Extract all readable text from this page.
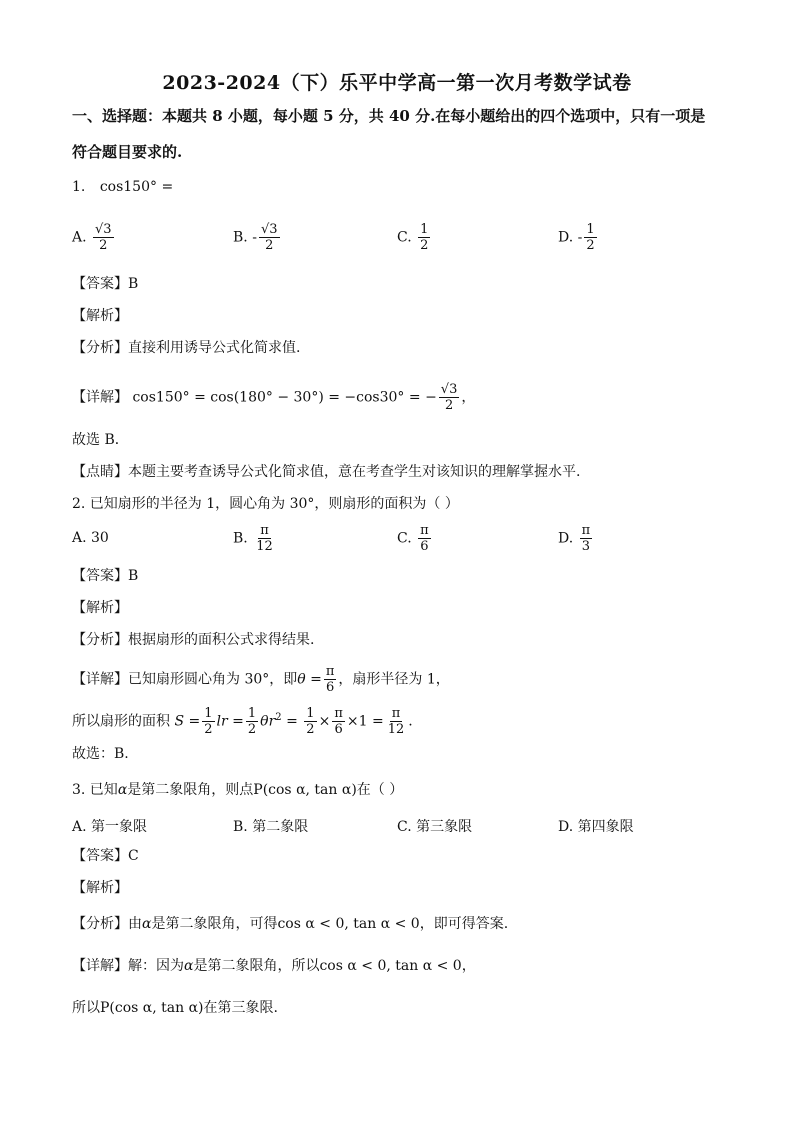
2023-2024（下）乐平中学高一第一次月考数学试卷
一、选择题：本题共 8 小题，每小题 5 分，共 40 分.在每小题给出的四个选项中，只有一项是
符合题目要求的.
1. cos150° =
A. $\frac{√3}{2}$	B. - $\frac{√3}{2}$	C. $\frac{1}{2}$	D. - $\frac{1}{2}$
【答案】B
【解析】
【分析】直接利用诱导公式化简求值.
【详解】 cos150° = cos(180° − 30°) = −cos30° = − $\frac{√3}{2}$ ，
故选 B．
【点睛】本题主要考查诱导公式化简求值，意在考查学生对该知识的理解掌握水平.
2. 已知扇形的半径为 1，圆心角为 30°，则扇形的面积为（ ）
A. 30	B. $\frac{\pi}{12}$	C. $\frac{\pi}{6}$	D. $\frac{\pi}{3}$
【答案】B
【解析】
【分析】根据扇形的面积公式求得结果.
【详解】已知扇形圆心角为 30°，即$\theta = \frac{\pi}{6}$ ，扇形半径为 1，
所以扇形的面积 $S = \frac{1}{2}$ lr = $\frac{1}{2} \theta r^2 = \frac{1}{2} \times \frac{\pi}{6} \times 1 = \frac{\pi}{12}$ .
故选：B.
3. 已知α是第二象限角，则点P(cos α, tan α)在（ ）
A. 第一象限	B. 第二象限	C. 第三象限	D. 第四象限
【答案】C
【解析】
【分析】由α是第二象限角，可得cos α < 0, tan α < 0，即可得答案.
【详解】解：因为α是第二象限角，所以cos α < 0, tan α < 0，
所以P(cos α, tan α)在第三象限.
